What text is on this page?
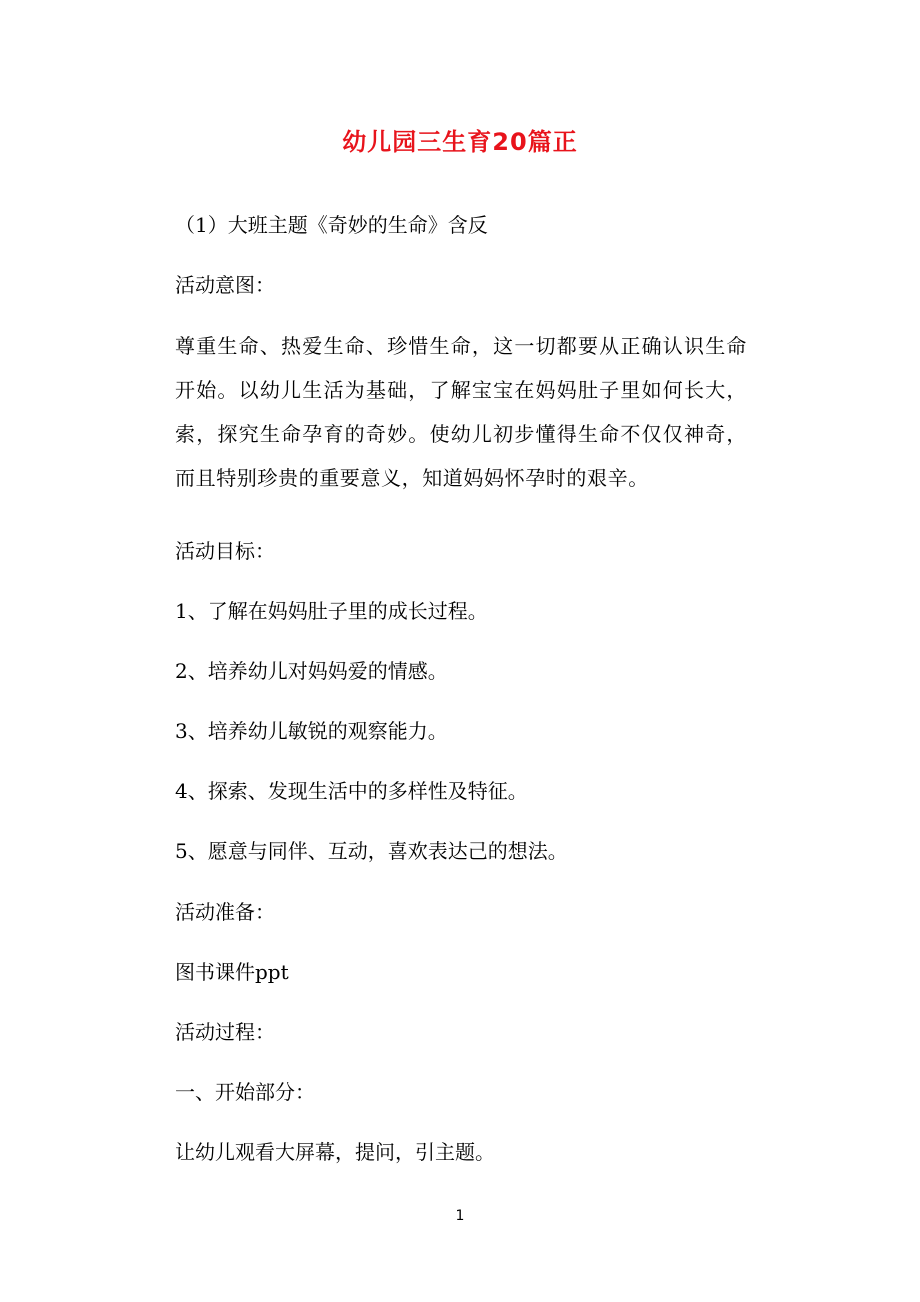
幼儿园三生育20篇正
（1）大班主题《奇妙的生命》含反
活动意图：
尊重生命、热爱生命、珍惜生命，这一切都要从正确认识生命开始。以幼儿生活为基础，了解宝宝在妈妈肚子里如何长大，索，探究生命孕育的奇妙。使幼儿初步懂得生命不仅仅神奇，而且特别珍贵的重要意义，知道妈妈怀孕时的艰辛。
活动目标：
1、了解在妈妈肚子里的成长过程。
2、培养幼儿对妈妈爱的情感。
3、培养幼儿敏锐的观察能力。
4、探索、发现生活中的多样性及特征。
5、愿意与同伴、互动，喜欢表达己的想法。
活动准备：
图书课件ppt
活动过程：
一、开始部分：
让幼儿观看大屏幕，提问，引主题。
1
